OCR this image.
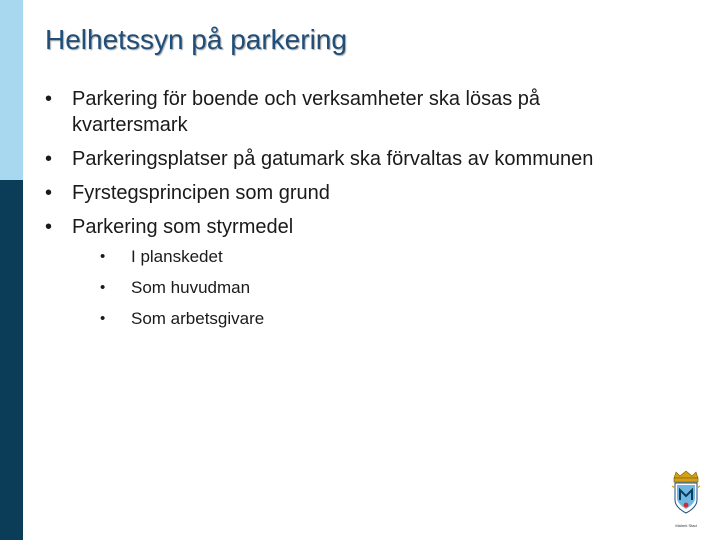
Helhetssyn på parkering
• Parkering för boende och verksamheter ska lösas på
kvartersmark
• Parkeringsplatser på gatumark ska förvaltas av kommunen
• Fyrstegsprincipen som grund
• Parkering som styrmedel
• I planskedet
• Som huvudman
• Som arbetsgivare
Malmö Stad
